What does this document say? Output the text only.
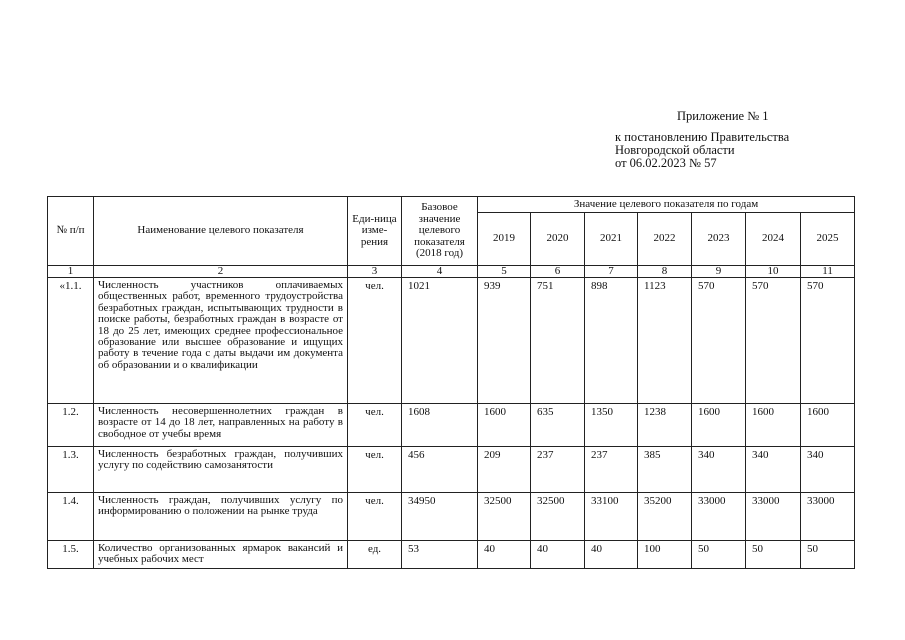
Приложение № 1
к постановлению Правительства
Новгородской области
от 06.02.2023 № 57
№ п/п	Наименование целевого показателя	Еди-ница изме-рения	Базовое значение целевого показателя (2018 год)	Значение целевого показателя по годам						
				2019	2020	2021	2022	2023	2024	2025
1	2	3	4	5	6	7	8	9	10	11
«1.1.	Численность участников оплачиваемых общественных работ, временного трудоустройства безработных граждан, испытывающих трудности в поиске работы, безработных граждан в возрасте от 18 до 25 лет, имеющих среднее профессиональное образование или высшее образование и ищущих работу в течение года с даты выдачи им документа об образовании и о квалификации	чел.	1021	939	751	898	1123	570	570	570
1.2.	Численность несовершеннолетних граждан в возрасте от 14 до 18 лет, направленных на работу в свободное от учебы время	чел.	1608	1600	635	1350	1238	1600	1600	1600
1.3.	Численность безработных граждан, получивших услугу по содействию самозанятости	чел.	456	209	237	237	385	340	340	340
1.4.	Численность граждан, получивших услугу по информированию о положении на рынке труда	чел.	34950	32500	32500	33100	35200	33000	33000	33000
1.5.	Количество организованных ярмарок вакансий и учебных рабочих мест	ед.	53	40	40	40	100	50	50	50
